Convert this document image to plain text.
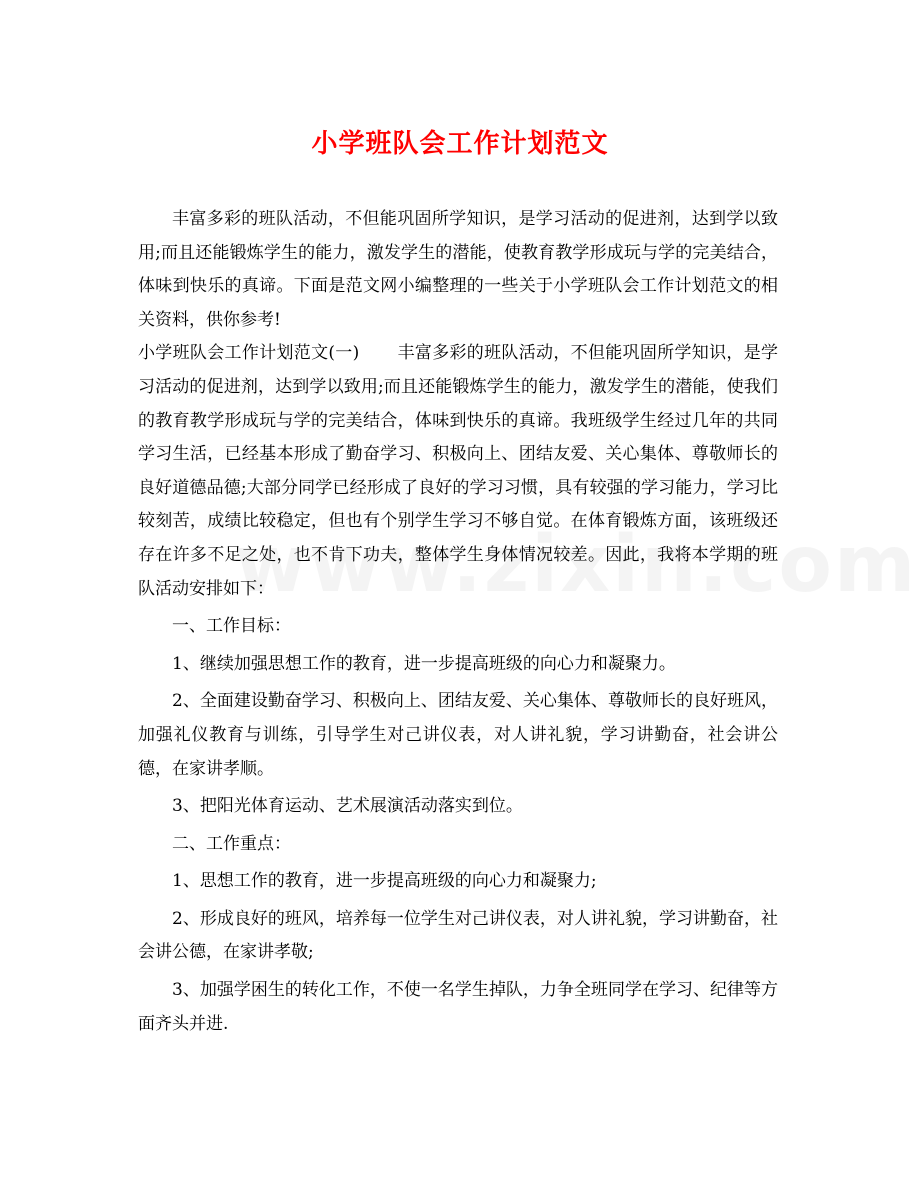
小学班队会工作计划范文

丰富多彩的班队活动，不但能巩固所学知识，是学习活动的促进剂，达到学以致用;而且还能锻炼学生的能力，激发学生的潜能，使教育教学形成玩与学的完美结合，体味到快乐的真谛。下面是范文网小编整理的一些关于小学班队会工作计划范文的相关资料，供你参考!

小学班队会工作计划范文(一) 丰富多彩的班队活动，不但能巩固所学知识，是学习活动的促进剂，达到学以致用;而且还能锻炼学生的能力，激发学生的潜能，使我们的教育教学形成玩与学的完美结合，体味到快乐的真谛。我班级学生经过几年的共同学习生活，已经基本形成了勤奋学习、积极向上、团结友爱、关心集体、尊敬师长的良好道德品德;大部分同学已经形成了良好的学习习惯，具有较强的学习能力，学习比较刻苦，成绩比较稳定，但也有个别学生学习不够自觉。在体育锻炼方面，该班级还存在许多不足之处，也不肯下功夫，整体学生身体情况较差。因此，我将本学期的班队活动安排如下：

一、工作目标：

1、继续加强思想工作的教育，进一步提高班级的向心力和凝聚力。

2、全面建设勤奋学习、积极向上、团结友爱、关心集体、尊敬师长的良好班风，加强礼仪教育与训练，引导学生对己讲仪表，对人讲礼貌，学习讲勤奋，社会讲公德，在家讲孝顺。

3、把阳光体育运动、艺术展演活动落实到位。

二、工作重点：

1、思想工作的教育，进一步提高班级的向心力和凝聚力;

2、形成良好的班风，培养每一位学生对己讲仪表，对人讲礼貌，学习讲勤奋，社会讲公德，在家讲孝敬;

3、加强学困生的转化工作，不使一名学生掉队，力争全班同学在学习、纪律等方面齐头并进.
